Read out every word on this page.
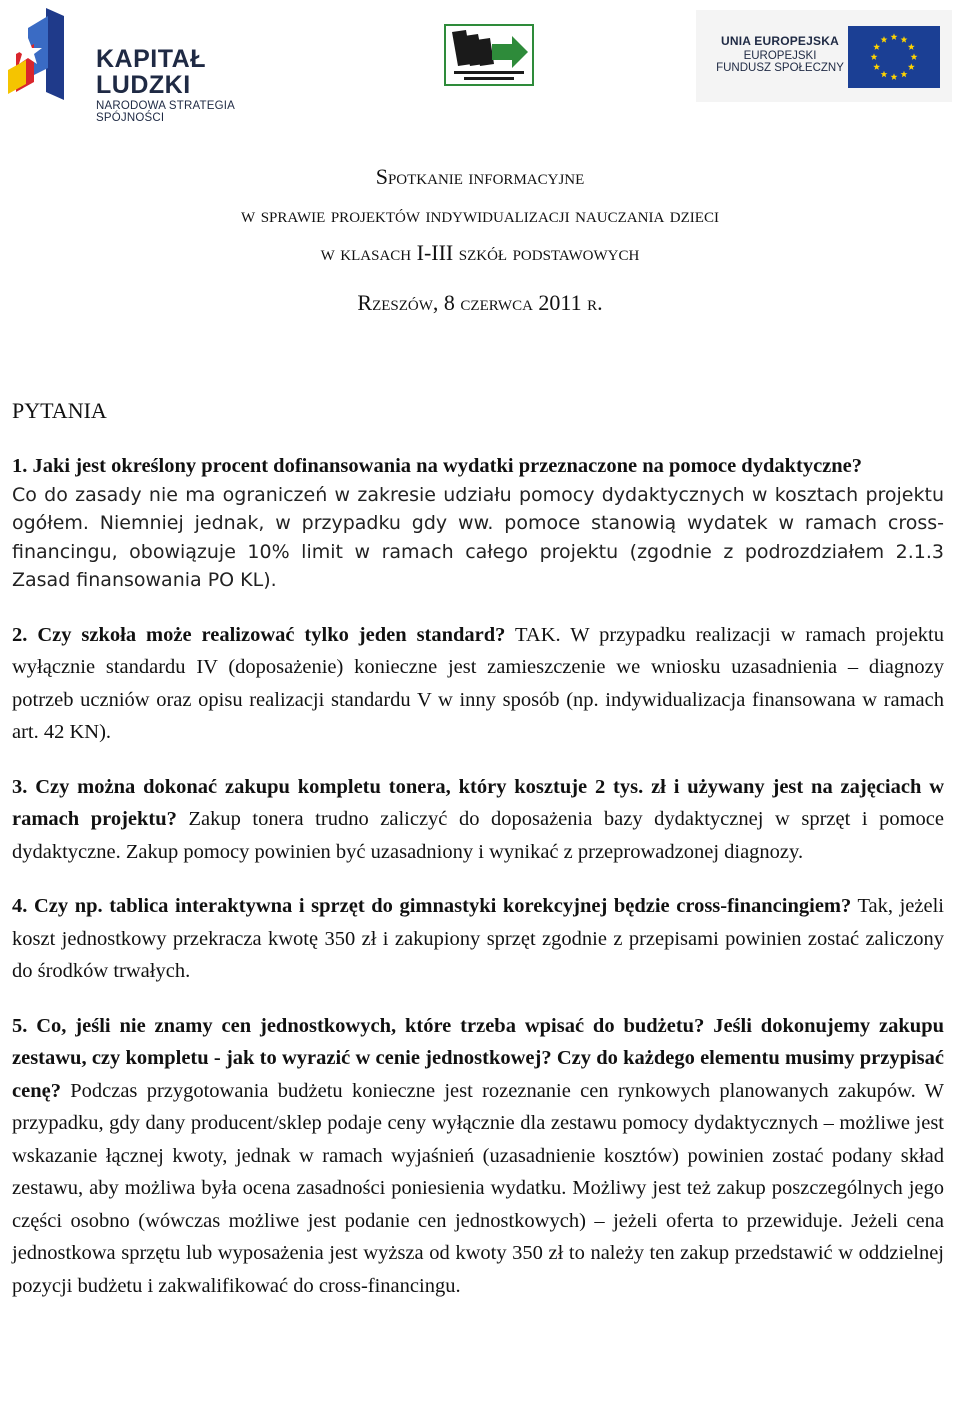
KAPITAŁ LUDZKI
NARODOWA STRATEGIA SPÓJNOŚCI
UNIA EUROPEJSKA
EUROPEJSKI
FUNDUSZ SPOŁECZNY
Spotkanie informacyjne
w sprawie projektów indywidualizacji nauczania dzieci
w klasach I-III szkół podstawowych
Rzeszów, 8 czerwca 2011 r.
PYTANIA

1. Jaki jest określony procent dofinansowania na wydatki przeznaczone na pomoce dydaktyczne?
Co do zasady nie ma ograniczeń w zakresie udziału pomocy dydaktycznych w kosztach projektu ogółem. Niemniej jednak, w przypadku gdy ww. pomoce stanowią wydatek w ramach cross-financingu, obowiązuje 10% limit w ramach całego projektu (zgodnie z podrozdziałem 2.1.3 Zasad finansowania PO KL).

2. Czy szkoła może realizować tylko jeden standard? TAK. W przypadku realizacji w ramach projektu wyłącznie standardu IV (doposażenie) konieczne jest zamieszczenie we wniosku uzasadnienia – diagnozy potrzeb uczniów oraz opisu realizacji standardu V w inny sposób (np. indywidualizacja finansowana w ramach art. 42 KN).

3. Czy można dokonać zakupu kompletu tonera, który kosztuje 2 tys. zł i używany jest na zajęciach w ramach projektu? Zakup tonera trudno zaliczyć do doposażenia bazy dydaktycznej w sprzęt i pomoce dydaktyczne. Zakup pomocy powinien być uzasadniony i wynikać z przeprowadzonej diagnozy.

4. Czy np. tablica interaktywna i sprzęt do gimnastyki korekcyjnej będzie cross-financingiem? Tak, jeżeli koszt jednostkowy przekracza kwotę 350 zł i zakupiony sprzęt zgodnie z przepisami powinien zostać zaliczony do środków trwałych.

5. Co, jeśli nie znamy cen jednostkowych, które trzeba wpisać do budżetu? Jeśli dokonujemy zakupu zestawu, czy kompletu - jak to wyrazić w cenie jednostkowej? Czy do każdego elementu musimy przypisać cenę? Podczas przygotowania budżetu konieczne jest rozeznanie cen rynkowych planowanych zakupów. W przypadku, gdy dany producent/sklep podaje ceny wyłącznie dla zestawu pomocy dydaktycznych – możliwe jest wskazanie łącznej kwoty, jednak w ramach wyjaśnień (uzasadnienie kosztów) powinien zostać podany skład zestawu, aby możliwa była ocena zasadności poniesienia wydatku. Możliwy jest też zakup poszczególnych jego części osobno (wówczas możliwe jest podanie cen jednostkowych) – jeżeli oferta to przewiduje. Jeżeli cena jednostkowa sprzętu lub wyposażenia jest wyższa od kwoty 350 zł to należy ten zakup przedstawić w oddzielnej pozycji budżetu i zakwalifikować do cross-financingu.
